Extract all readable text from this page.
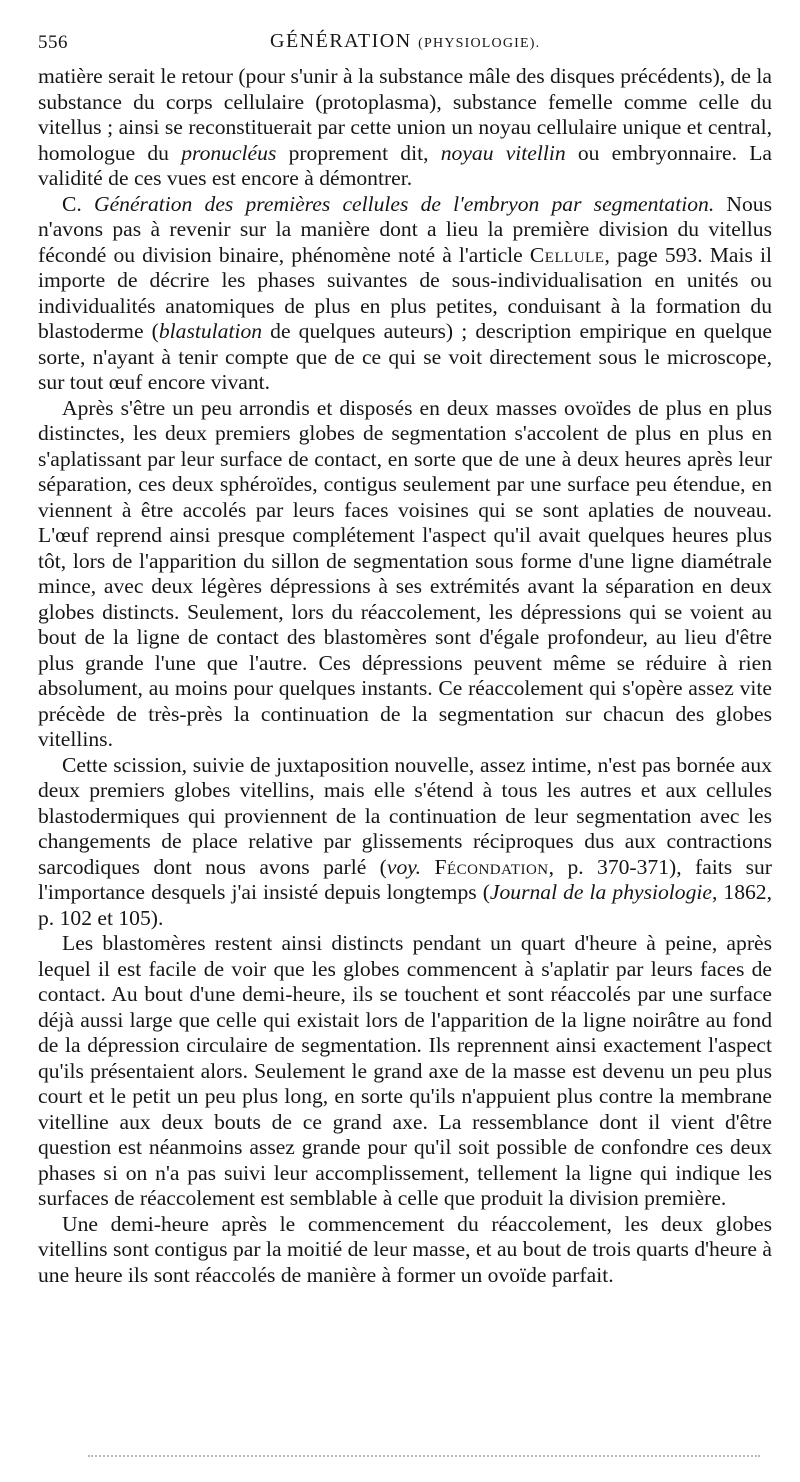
556	GÉNÉRATION (PHYSIOLOGIE).

matière serait le retour (pour s'unir à la substance mâle des disques précédents), de la substance du corps cellulaire (protoplasma), substance femelle comme celle du vitellus ; ainsi se reconstituerait par cette union un noyau cellulaire unique et central, homologue du pronucléus proprement dit, noyau vitellin ou embryonnaire. La validité de ces vues est encore à démontrer.

C. Génération des premières cellules de l'embryon par segmentation. Nous n'avons pas à revenir sur la manière dont a lieu la première division du vitellus fécondé ou division binaire, phénomène noté à l'article Cellule, page 593. Mais il importe de décrire les phases suivantes de sous-individualisation en unités ou individualités anatomiques de plus en plus petites, conduisant à la formation du blastoderme (blastulation de quelques auteurs) ; description empirique en quelque sorte, n'ayant à tenir compte que de ce qui se voit directement sous le microscope, sur tout œuf encore vivant.

Après s'être un peu arrondis et disposés en deux masses ovoïdes de plus en plus distinctes, les deux premiers globes de segmentation s'accolent de plus en plus en s'aplatissant par leur surface de contact, en sorte que de une à deux heures après leur séparation, ces deux sphéroïdes, contigus seulement par une surface peu étendue, en viennent à être accolés par leurs faces voisines qui se sont aplaties de nouveau. L'œuf reprend ainsi presque complétement l'aspect qu'il avait quelques heures plus tôt, lors de l'apparition du sillon de segmentation sous forme d'une ligne diamétrale mince, avec deux légères dépressions à ses extrémités avant la séparation en deux globes distincts. Seulement, lors du réaccolement, les dépressions qui se voient au bout de la ligne de contact des blastomères sont d'égale profondeur, au lieu d'être plus grande l'une que l'autre. Ces dépressions peuvent même se réduire à rien absolument, au moins pour quelques instants. Ce réaccolement qui s'opère assez vite précède de très-près la continuation de la segmentation sur chacun des globes vitellins.

Cette scission, suivie de juxtaposition nouvelle, assez intime, n'est pas bornée aux deux premiers globes vitellins, mais elle s'étend à tous les autres et aux cellules blastodermiques qui proviennent de la continuation de leur segmentation avec les changements de place relative par glissements réciproques dus aux contractions sarcodiques dont nous avons parlé (voy. Fécondation, p. 370-371), faits sur l'importance desquels j'ai insisté depuis longtemps (Journal de la physiologie, 1862, p. 102 et 105).

Les blastomères restent ainsi distincts pendant un quart d'heure à peine, après lequel il est facile de voir que les globes commencent à s'aplatir par leurs faces de contact. Au bout d'une demi-heure, ils se touchent et sont réaccolés par une surface déjà aussi large que celle qui existait lors de l'apparition de la ligne noirâtre au fond de la dépression circulaire de segmentation. Ils reprennent ainsi exactement l'aspect qu'ils présentaient alors. Seulement le grand axe de la masse est devenu un peu plus court et le petit un peu plus long, en sorte qu'ils n'appuient plus contre la membrane vitelline aux deux bouts de ce grand axe. La ressemblance dont il vient d'être question est néanmoins assez grande pour qu'il soit possible de confondre ces deux phases si on n'a pas suivi leur accomplissement, tellement la ligne qui indique les surfaces de réaccolement est semblable à celle que produit la division première.

Une demi-heure après le commencement du réaccolement, les deux globes vitellins sont contigus par la moitié de leur masse, et au bout de trois quarts d'heure à une heure ils sont réaccolés de manière à former un ovoïde parfait.
